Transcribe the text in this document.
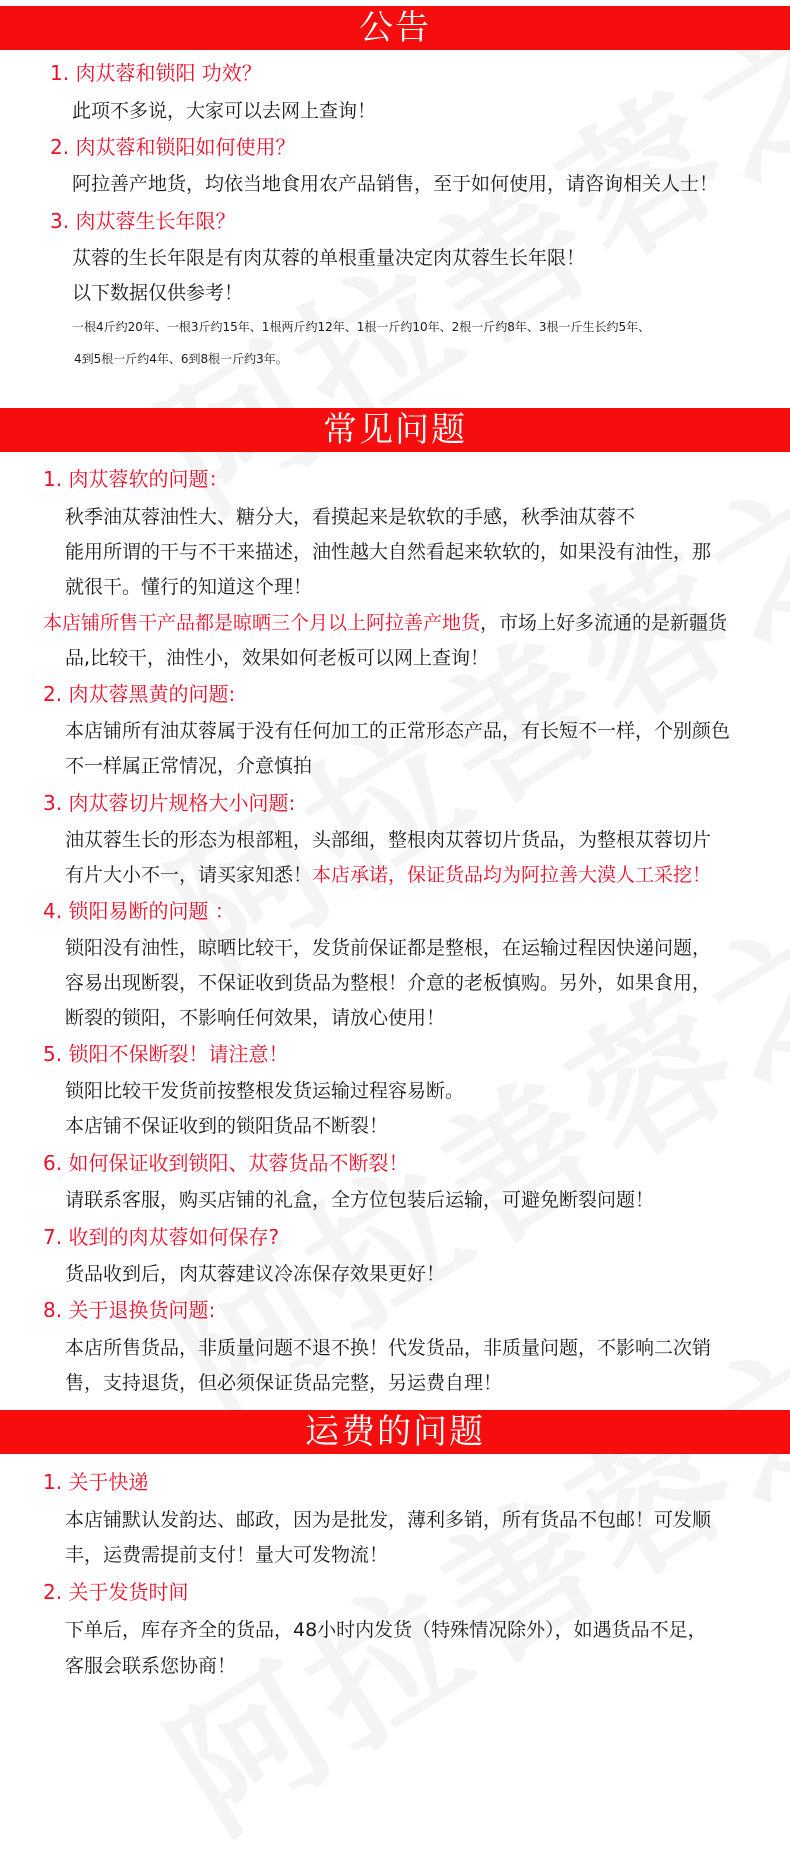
公告
1. 肉苁蓉和锁阳 功效？
此项不多说，大家可以去网上查询！
2. 肉苁蓉和锁阳如何使用？
阿拉善产地货，均依当地食用农产品销售，至于如何使用，请咨询相关人士！
3. 肉苁蓉生长年限？
苁蓉的生长年限是有肉苁蓉的单根重量决定肉苁蓉生长年限！
以下数据仅供参考！
一根4斤约20年、一根3斤约15年、1根两斤约12年、1根一斤约10年、2根一斤约8年、3根一斤生长约5年、
4到5根一斤约4年、6到8根一斤约3年。
常见问题
1. 肉苁蓉软的问题：
秋季油苁蓉油性大、糖分大，看摸起来是软软的手感，秋季油苁蓉不
能用所谓的干与不干来描述，油性越大自然看起来软软的，如果没有油性，那
就很干。懂行的知道这个理！
本店铺所售干产品都是晾晒三个月以上阿拉善产地货，市场上好多流通的是新疆货
品,比较干，油性小，效果如何老板可以网上查询！
2. 肉苁蓉黑黄的问题:
本店铺所有油苁蓉属于没有任何加工的正常形态产品，有长短不一样，个别颜色
不一样属正常情况，介意慎拍
3. 肉苁蓉切片规格大小问题:
油苁蓉生长的形态为根部粗，头部细，整根肉苁蓉切片货品，为整根苁蓉切片
有片大小不一，请买家知悉！本店承诺，保证货品均为阿拉善大漠人工采挖！
4. 锁阳易断的问题 ：
锁阳没有油性，晾晒比较干，发货前保证都是整根，在运输过程因快递问题，
容易出现断裂，不保证收到货品为整根！介意的老板慎购。另外，如果食用，
断裂的锁阳，不影响任何效果，请放心使用！
5. 锁阳不保断裂！请注意！
锁阳比较干发货前按整根发货运输过程容易断。
本店铺不保证收到的锁阳货品不断裂！
6. 如何保证收到锁阳、苁蓉货品不断裂！
请联系客服，购买店铺的礼盒，全方位包装后运输，可避免断裂问题！
7. 收到的肉苁蓉如何保存?
货品收到后，肉苁蓉建议冷冻保存效果更好！
8. 关于退换货问题:
本店所售货品，非质量问题不退不换！代发货品，非质量问题，不影响二次销
售，支持退货，但必须保证货品完整，另运费自理！
运费的问题
1. 关于快递
本店铺默认发韵达、邮政，因为是批发，薄利多销，所有货品不包邮！可发顺
丰，运费需提前支付！量大可发物流！
2. 关于发货时间
下单后，库存齐全的货品，48小时内发货（特殊情况除外），如遇货品不足，
客服会联系您协商！
